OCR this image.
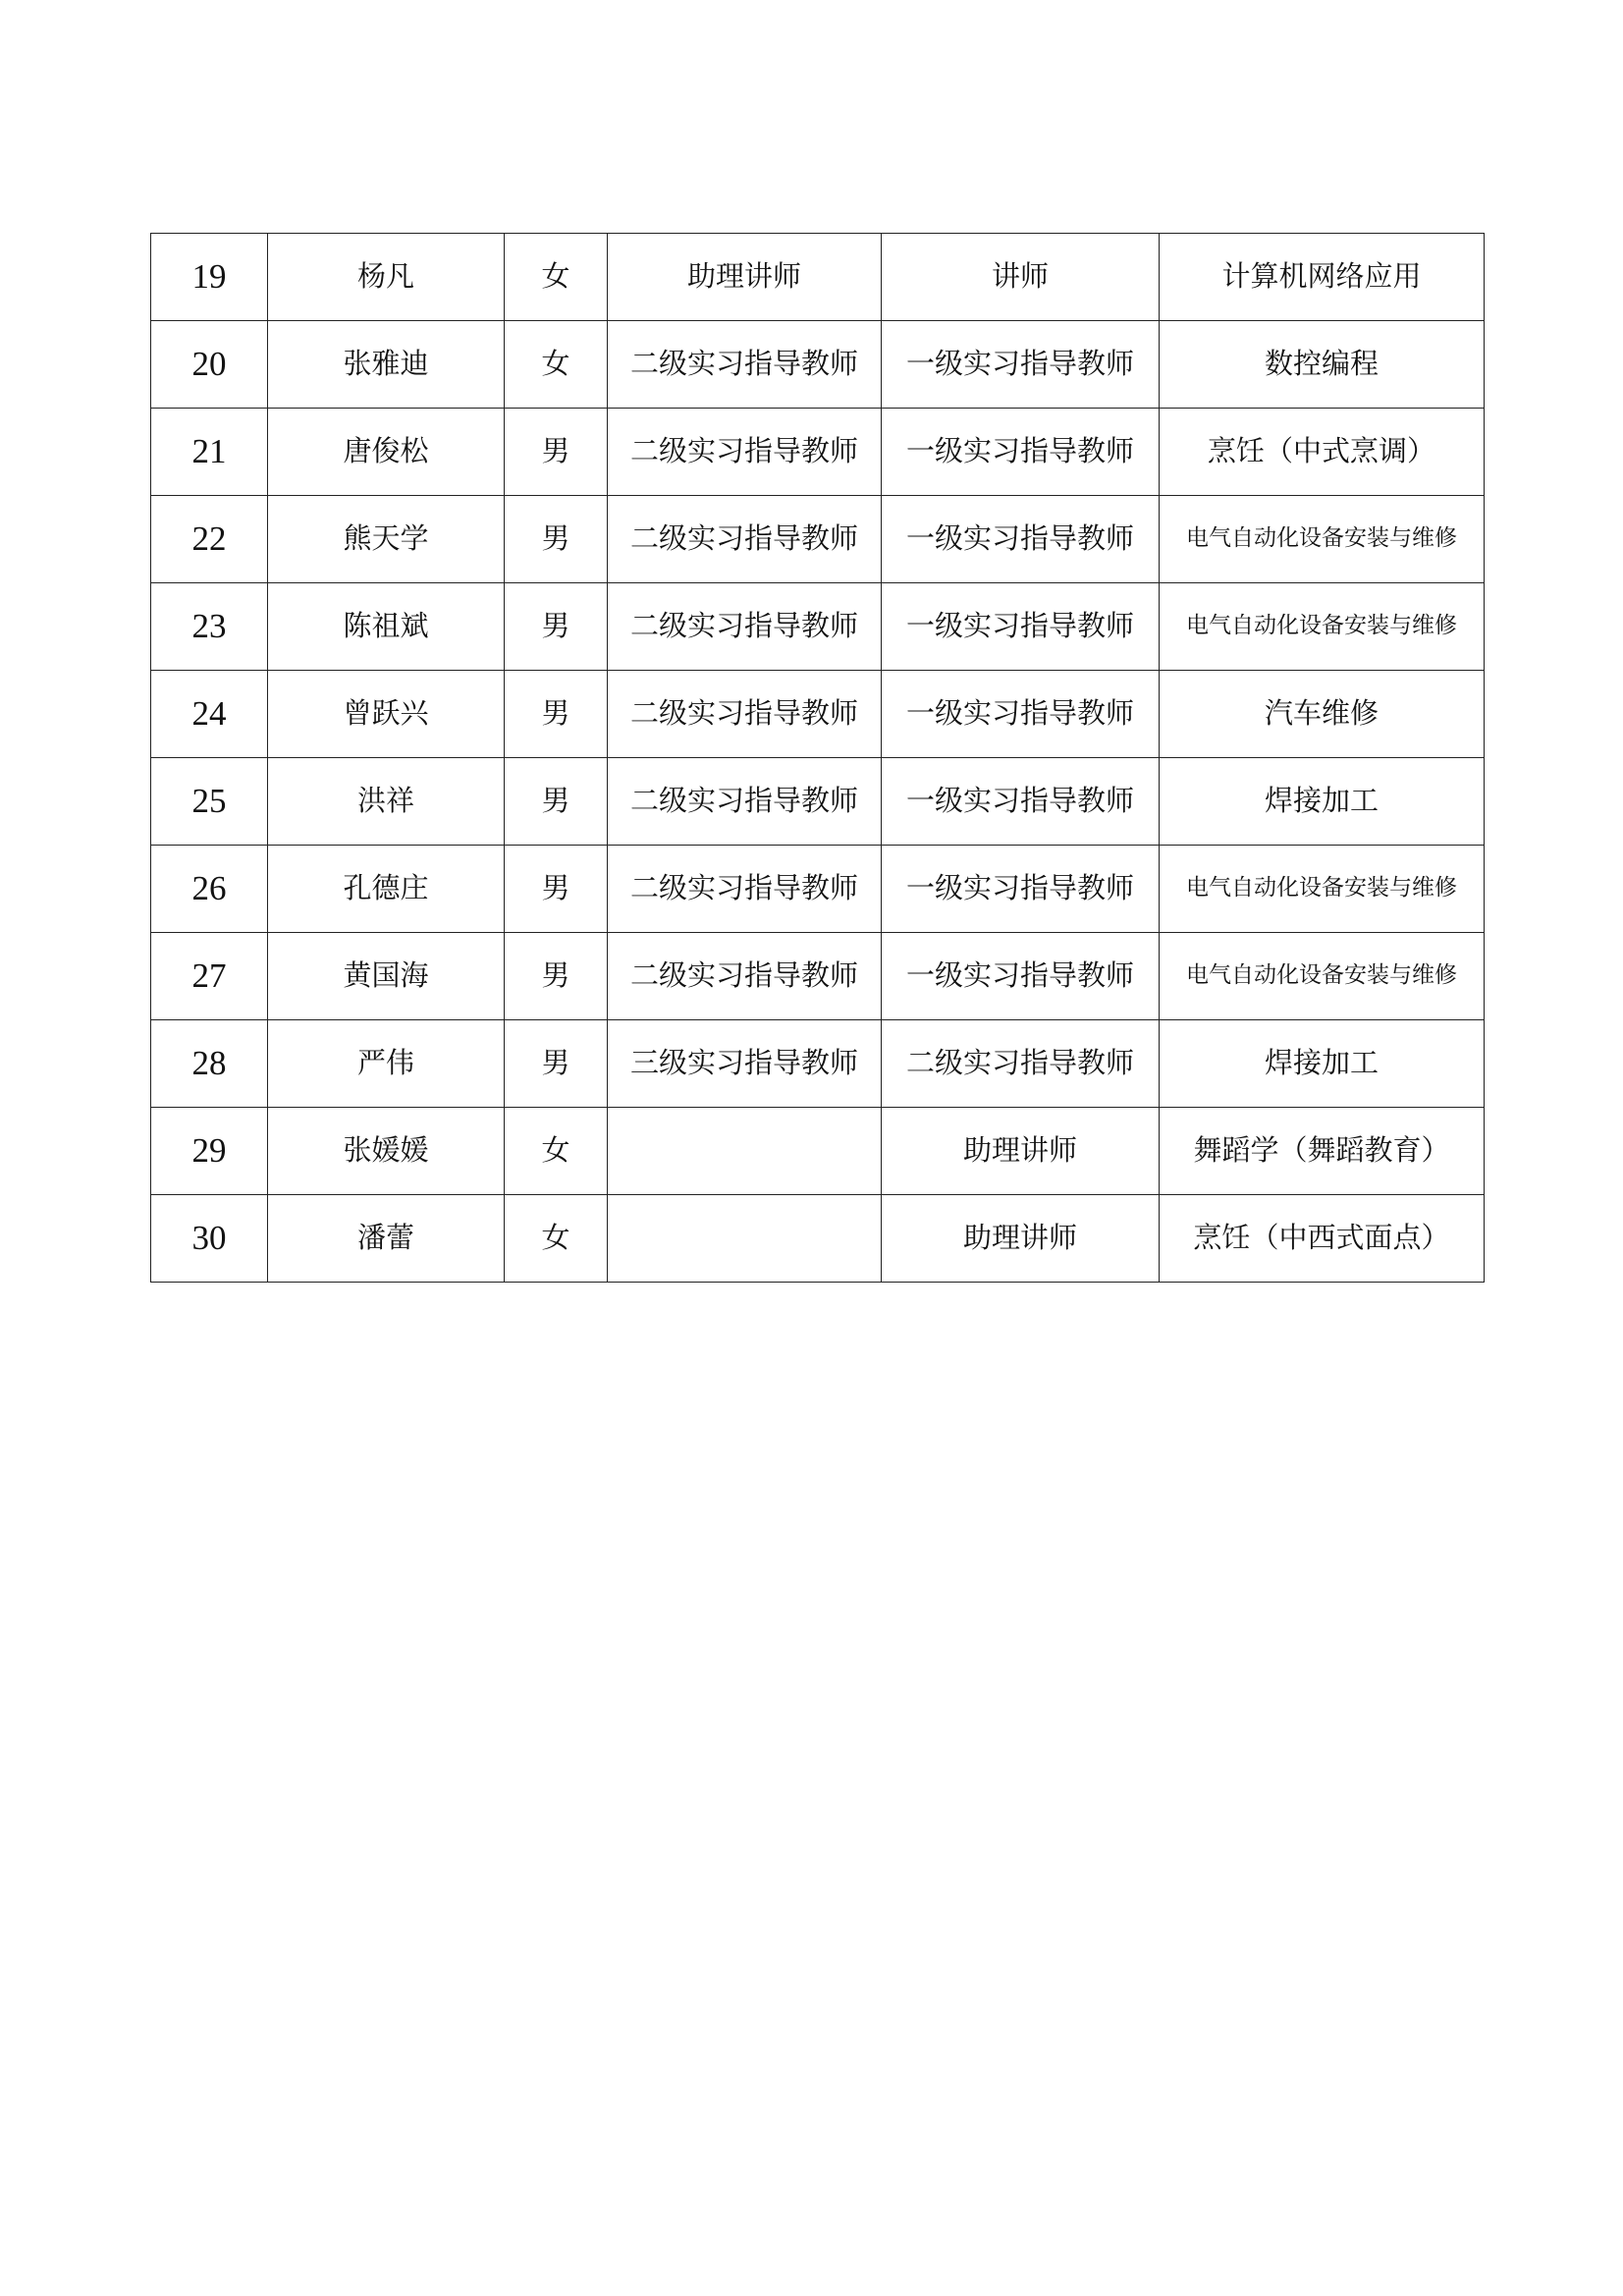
19	杨凡	女	助理讲师	讲师	计算机网络应用
20	张雅迪	女	二级实习指导教师	一级实习指导教师	数控编程
21	唐俊松	男	二级实习指导教师	一级实习指导教师	烹饪（中式烹调）
22	熊天学	男	二级实习指导教师	一级实习指导教师	电气自动化设备安装与维修
23	陈祖斌	男	二级实习指导教师	一级实习指导教师	电气自动化设备安装与维修
24	曾跃兴	男	二级实习指导教师	一级实习指导教师	汽车维修
25	洪祥	男	二级实习指导教师	一级实习指导教师	焊接加工
26	孔德庄	男	二级实习指导教师	一级实习指导教师	电气自动化设备安装与维修
27	黄国海	男	二级实习指导教师	一级实习指导教师	电气自动化设备安装与维修
28	严伟	男	三级实习指导教师	二级实习指导教师	焊接加工
29	张媛媛	女		助理讲师	舞蹈学（舞蹈教育）
30	潘蕾	女		助理讲师	烹饪（中西式面点）
